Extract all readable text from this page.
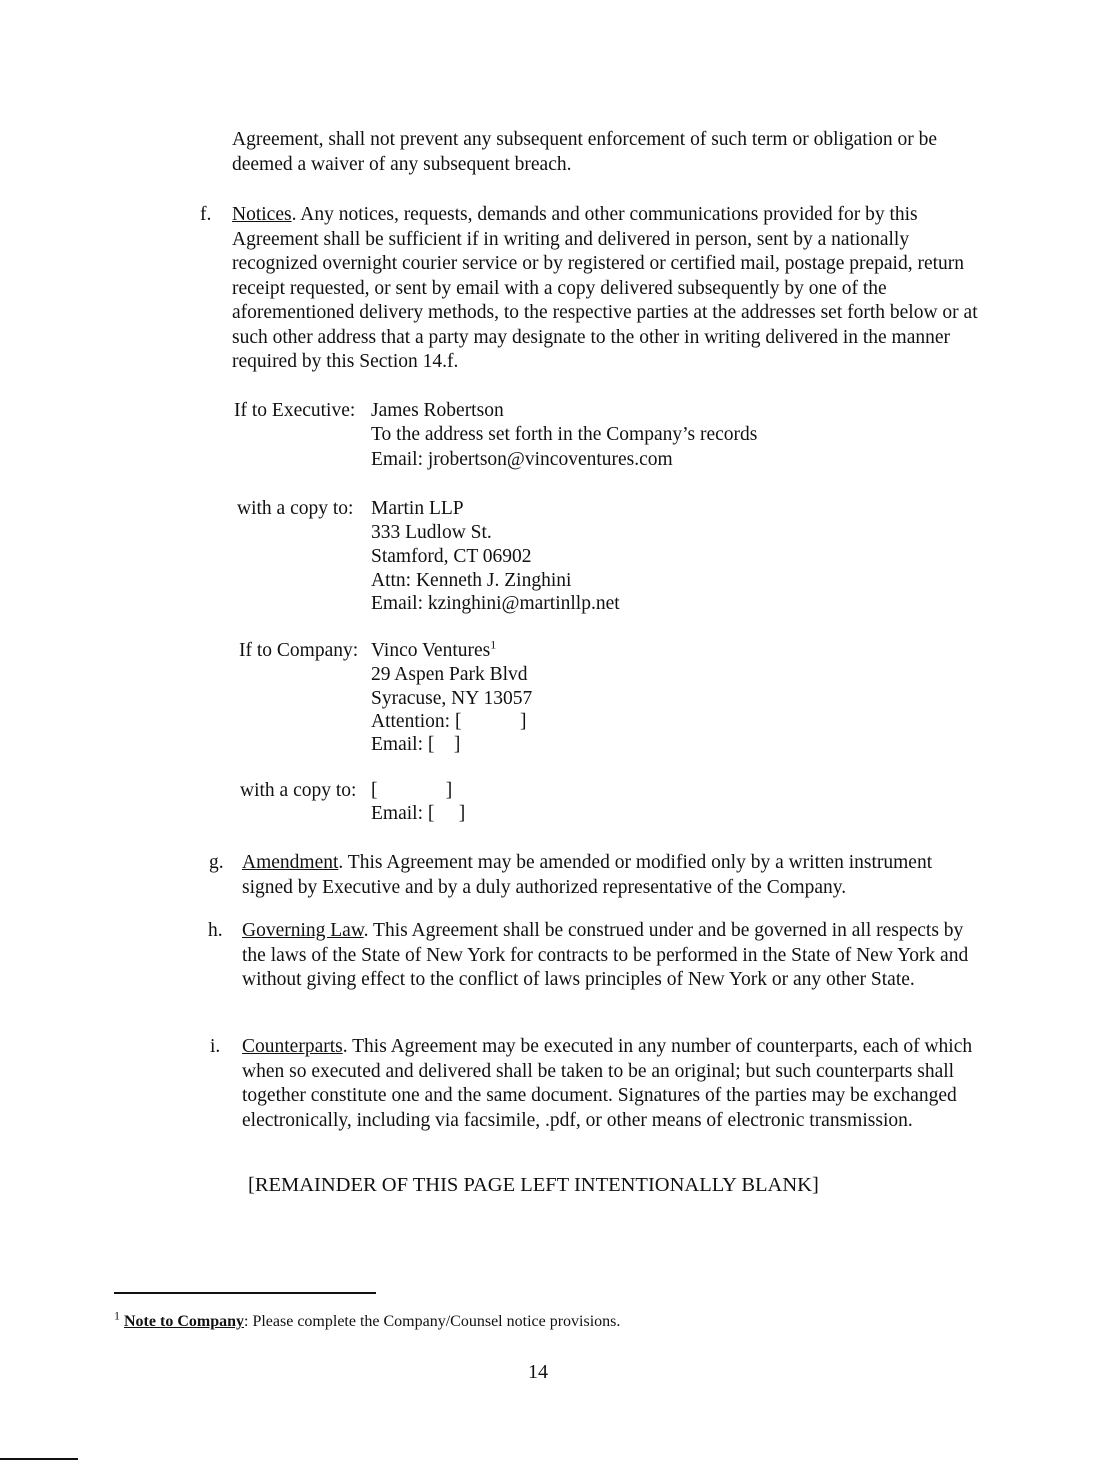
Agreement, shall not prevent any subsequent enforcement of such term or obligation or be deemed a waiver of any subsequent breach.
f. Notices. Any notices, requests, demands and other communications provided for by this Agreement shall be sufficient if in writing and delivered in person, sent by a nationally recognized overnight courier service or by registered or certified mail, postage prepaid, return receipt requested, or sent by email with a copy delivered subsequently by one of the aforementioned delivery methods, to the respective parties at the addresses set forth below or at such other address that a party may designate to the other in writing delivered in the manner required by this Section 14.f.
If to Executive: James Robertson
To the address set forth in the Company’s records
Email: jrobertson@vincoventures.com
with a copy to: Martin LLP
333 Ludlow St.
Stamford, CT 06902
Attn: Kenneth J. Zinghini
Email: kzinghini@martinllp.net
If to Company: Vinco Ventures$^1$
29 Aspen Park Blvd
Syracuse, NY 13057
Attention: [            ]
Email: [    ]
with a copy to: [              ]
Email: [     ]
g. Amendment. This Agreement may be amended or modified only by a written instrument signed by Executive and by a duly authorized representative of the Company.
h. Governing Law. This Agreement shall be construed under and be governed in all respects by the laws of the State of New York for contracts to be performed in the State of New York and without giving effect to the conflict of laws principles of New York or any other State.
i. Counterparts. This Agreement may be executed in any number of counterparts, each of which when so executed and delivered shall be taken to be an original; but such counterparts shall together constitute one and the same document. Signatures of the parties may be exchanged electronically, including via facsimile, .pdf, or other means of electronic transmission.
[REMAINDER OF THIS PAGE LEFT INTENTIONALLY BLANK]
$^1$ Note to Company: Please complete the Company/Counsel notice provisions.
14
